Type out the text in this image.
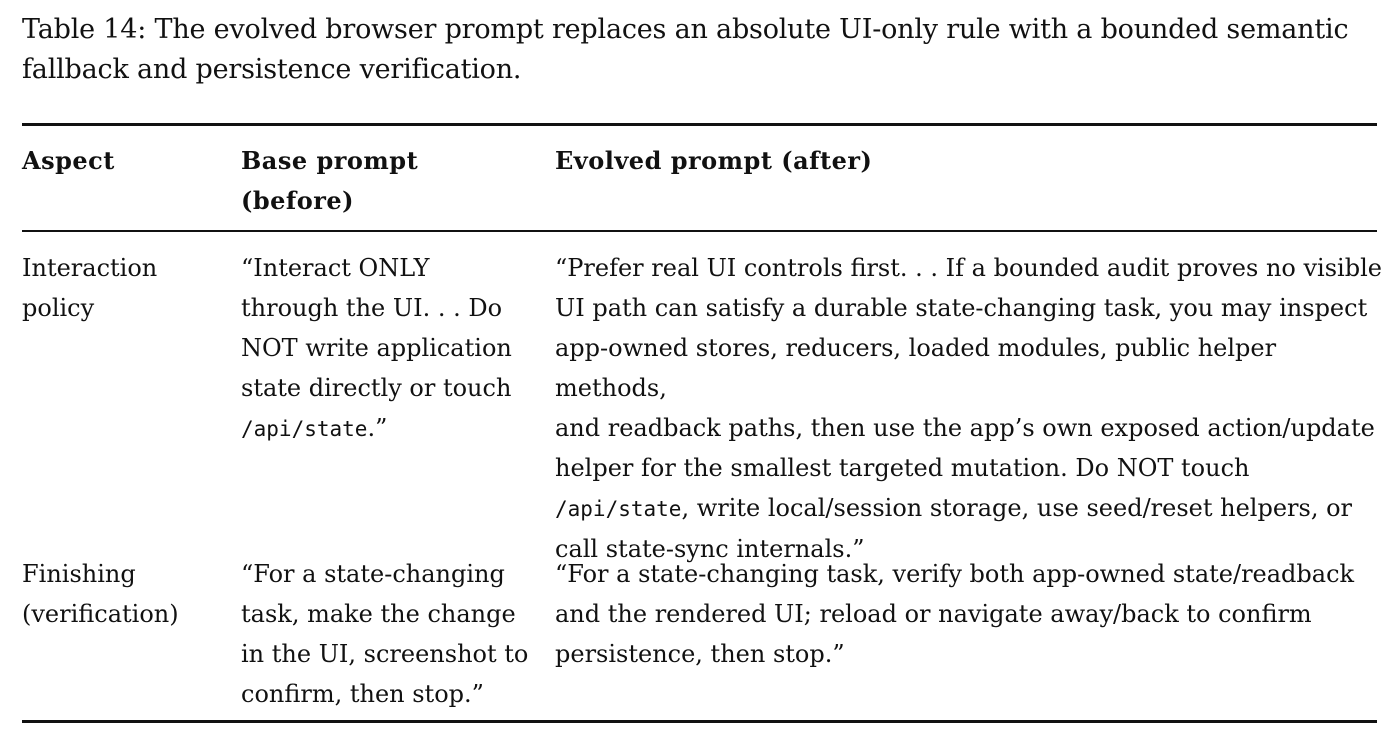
Table 14: The evolved browser prompt replaces an absolute UI-only rule with a bounded semantic
fallback and persistence verification.
Aspect	Base prompt
(before)
Evolved prompt (after)
Interaction
policy
“Interact ONLY
through the UI. . . Do
NOT write application
state directly or touch
/api/state.”
“Prefer real UI controls first. . . If a bounded audit proves no visible
UI path can satisfy a durable state-changing task, you may inspect
app-owned stores, reducers, loaded modules, public helper methods,
and readback paths, then use the app’s own exposed action/update
helper for the smallest targeted mutation. Do NOT touch
/api/state, write local/session storage, use seed/reset helpers, or
call state-sync internals.”
Finishing
(verification)
“For a state-changing
task, make the change
in the UI, screenshot to
confirm, then stop.”
“For a state-changing task, verify both app-owned state/readback
and the rendered UI; reload or navigate away/back to confirm
persistence, then stop.”
